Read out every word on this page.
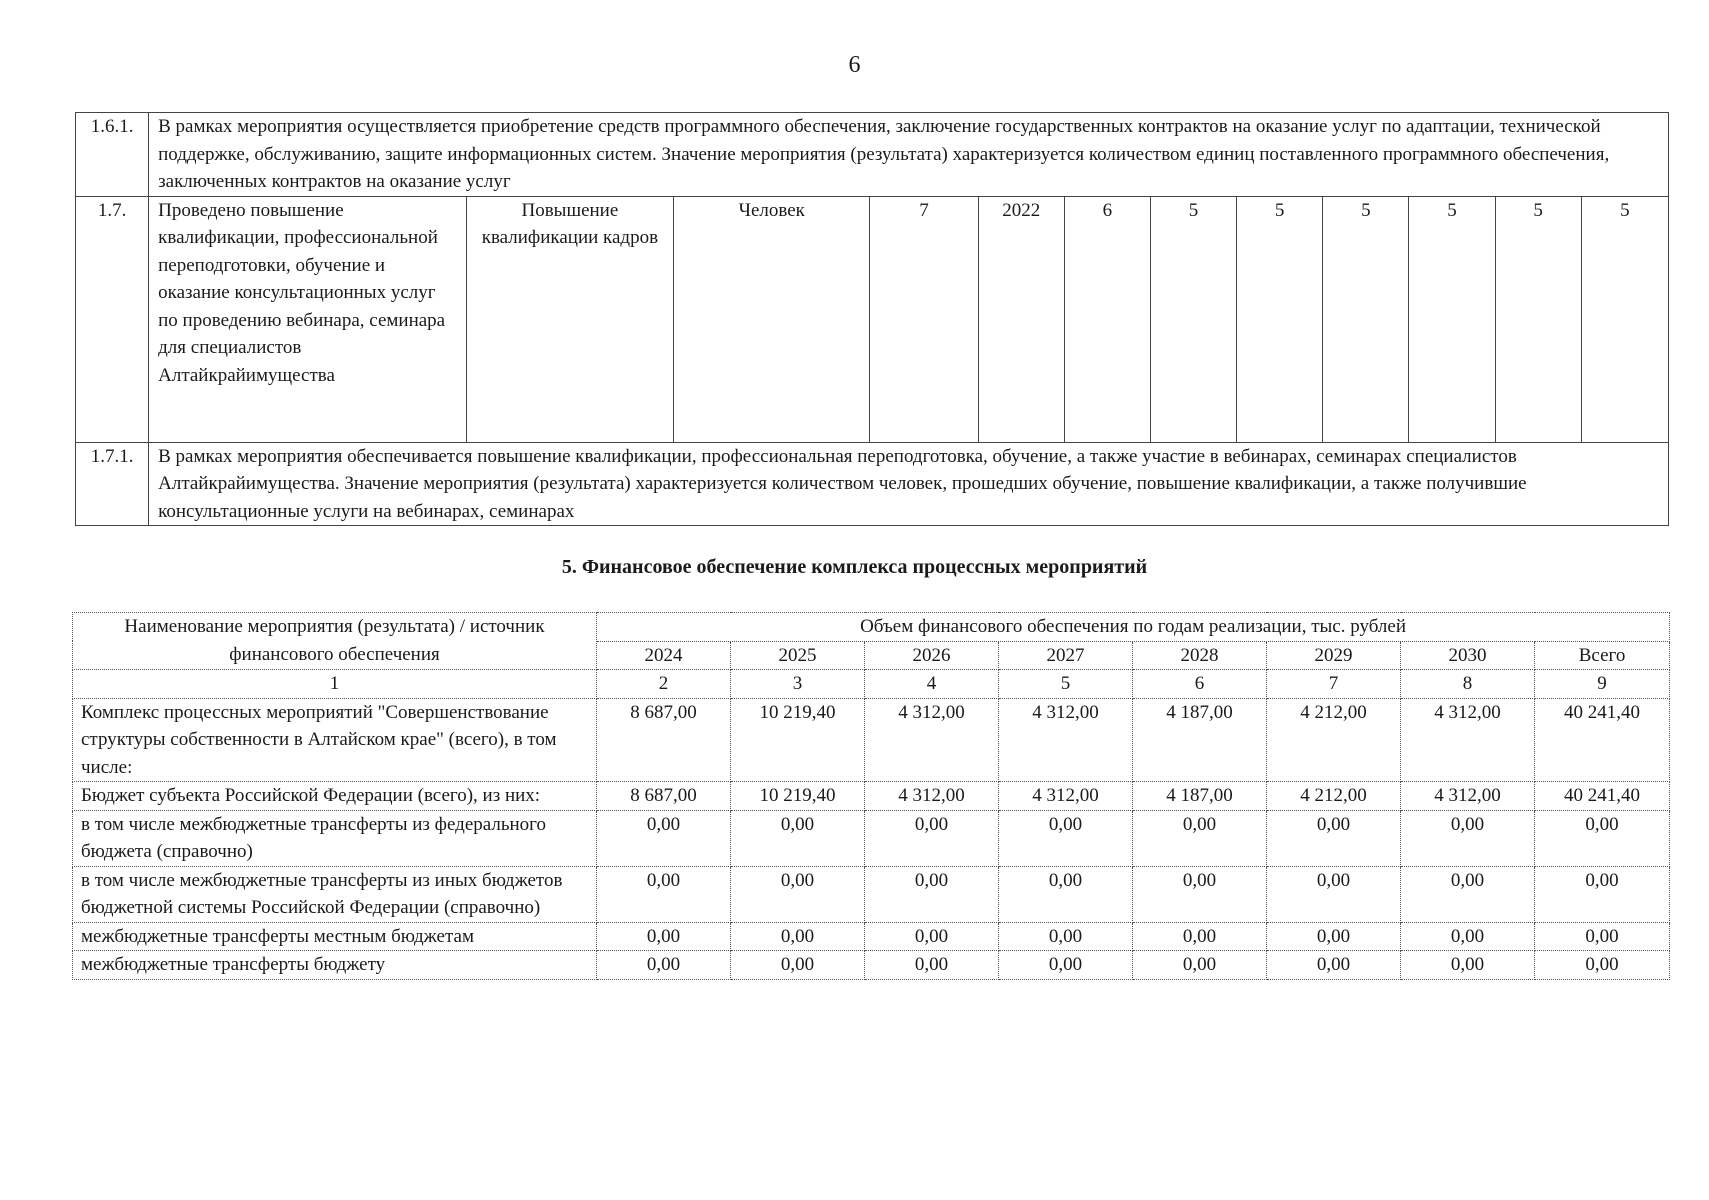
6
1.6.1.	В рамках мероприятия осуществляется приобретение средств программного обеспечения, заключение государственных контрактов на оказание услуг по адаптации, технической поддержке, обслуживанию, защите информационных систем. Значение мероприятия (результата) характеризуется количеством единиц поставленного программного обеспечения, заключенных контрактов на оказание услуг											
1.7.	Проведено повышение квалификации, профессиональной переподготовки, обучение и оказание консультационных услуг по проведению вебинара, семинара для специалистов Алтайкрайимущества	Повышение квалификации кадров	Человек	7	2022	6	5	5	5	5	5	5
1.7.1.	В рамках мероприятия обеспечивается повышение квалификации, профессиональная переподготовка, обучение, а также участие в вебинарах, семинарах специалистов Алтайкрайимущества. Значение мероприятия (результата) характеризуется количеством человек, прошедших обучение, повышение квалификации, а также получившие консультационные услуги на вебинарах, семинарах											
5. Финансовое обеспечение комплекса процессных мероприятий
Наименование мероприятия (результата) / источник финансового обеспечения	Объем финансового обеспечения по годам реализации, тыс. рублей							
	2024	2025	2026	2027	2028	2029	2030	Всего
1	2	3	4	5	6	7	8	9
Комплекс процессных мероприятий "Совершенствование структуры собственности в Алтайском крае" (всего), в том числе:	8 687,00	10 219,40	4 312,00	4 312,00	4 187,00	4 212,00	4 312,00	40 241,40
Бюджет субъекта Российской Федерации (всего), из них:	8 687,00	10 219,40	4 312,00	4 312,00	4 187,00	4 212,00	4 312,00	40 241,40
в том числе межбюджетные трансферты из федерального бюджета (справочно)	0,00	0,00	0,00	0,00	0,00	0,00	0,00	0,00
в том числе межбюджетные трансферты из иных бюджетов бюджетной системы Российской Федерации (справочно)	0,00	0,00	0,00	0,00	0,00	0,00	0,00	0,00
межбюджетные трансферты местным бюджетам	0,00	0,00	0,00	0,00	0,00	0,00	0,00	0,00
межбюджетные трансферты бюджету	0,00	0,00	0,00	0,00	0,00	0,00	0,00	0,00
